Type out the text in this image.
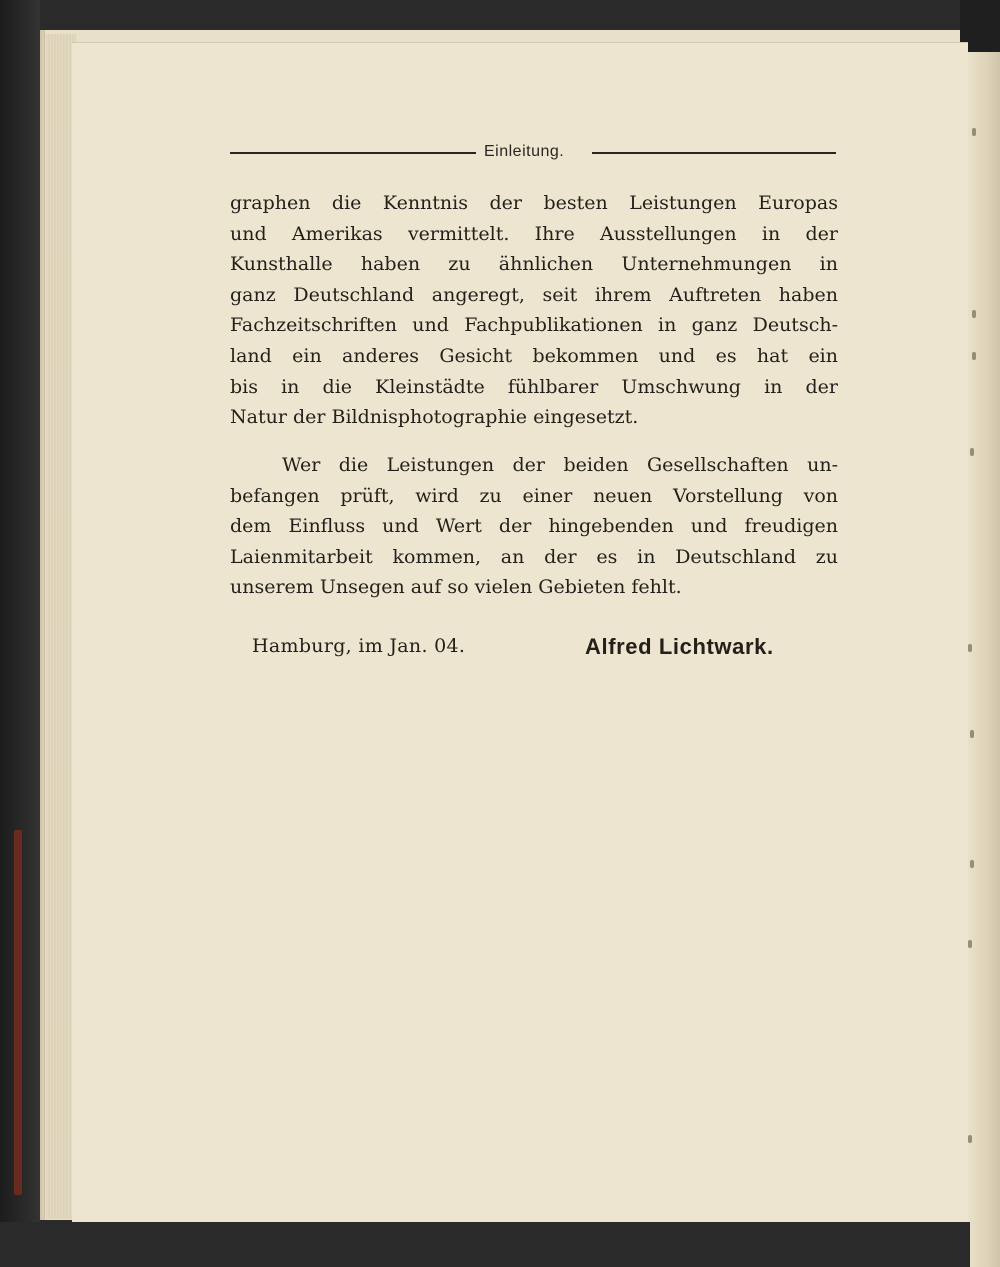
Einleitung.
graphen die Kenntnis der besten Leistungen Europas
und Amerikas vermittelt. Ihre Ausstellungen in der
Kunsthalle haben zu ähnlichen Unternehmungen in
ganz Deutschland angeregt, seit ihrem Auftreten haben
Fachzeitschriften und Fachpublikationen in ganz Deutsch-
land ein anderes Gesicht bekommen und es hat ein
bis in die Kleinstädte fühlbarer Umschwung in der
Natur der Bildnisphotographie eingesetzt.
Wer die Leistungen der beiden Gesellschaften un-
befangen prüft, wird zu einer neuen Vorstellung von
dem Einfluss und Wert der hingebenden und freudigen
Laienmitarbeit kommen, an der es in Deutschland zu
unserem Unsegen auf so vielen Gebieten fehlt.
Hamburg, im Jan. 04.	Alfred Lichtwark.
